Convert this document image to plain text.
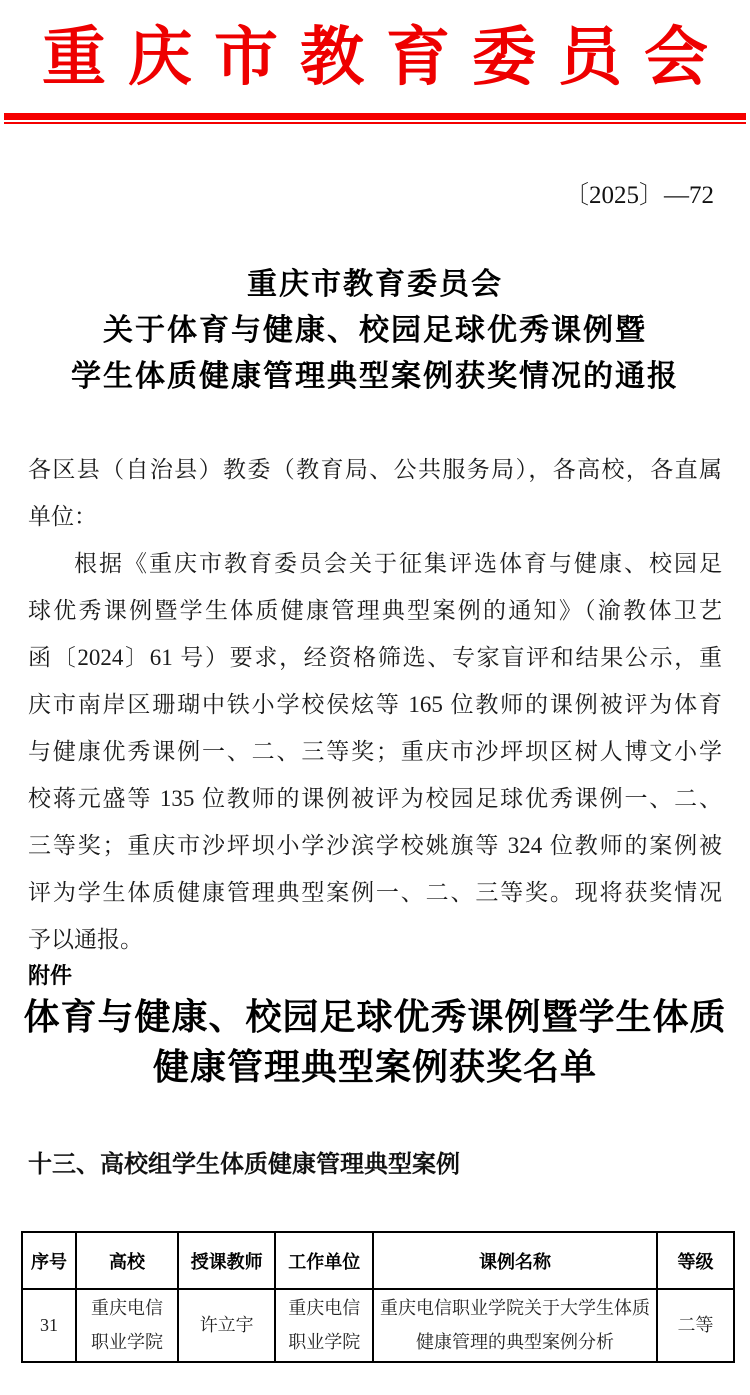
重庆市教育委员会
〔2025〕—72
重庆市教育委员会
关于体育与健康、校园足球优秀课例暨
学生体质健康管理典型案例获奖情况的通报
各区县（自治县）教委（教育局、公共服务局），各高校，各直属
单位：
根据《重庆市教育委员会关于征集评选体育与健康、校园足
球优秀课例暨学生体质健康管理典型案例的通知》（渝教体卫艺
函〔2024〕61 号）要求，经资格筛选、专家盲评和结果公示，重
庆市南岸区珊瑚中铁小学校侯炫等 165 位教师的课例被评为体育
与健康优秀课例一、二、三等奖；重庆市沙坪坝区树人博文小学
校蒋元盛等 135 位教师的课例被评为校园足球优秀课例一、二、
三等奖；重庆市沙坪坝小学沙滨学校姚旗等 324 位教师的案例被
评为学生体质健康管理典型案例一、二、三等奖。现将获奖情况
予以通报。
附件
体育与健康、校园足球优秀课例暨学生体质
健康管理典型案例获奖名单
十三、高校组学生体质健康管理典型案例
序号	高校	授课教师	工作单位	课例名称	等级
31	重庆电信职业学院	许立宇	重庆电信职业学院	重庆电信职业学院关于大学生体质健康管理的典型案例分析	二等
